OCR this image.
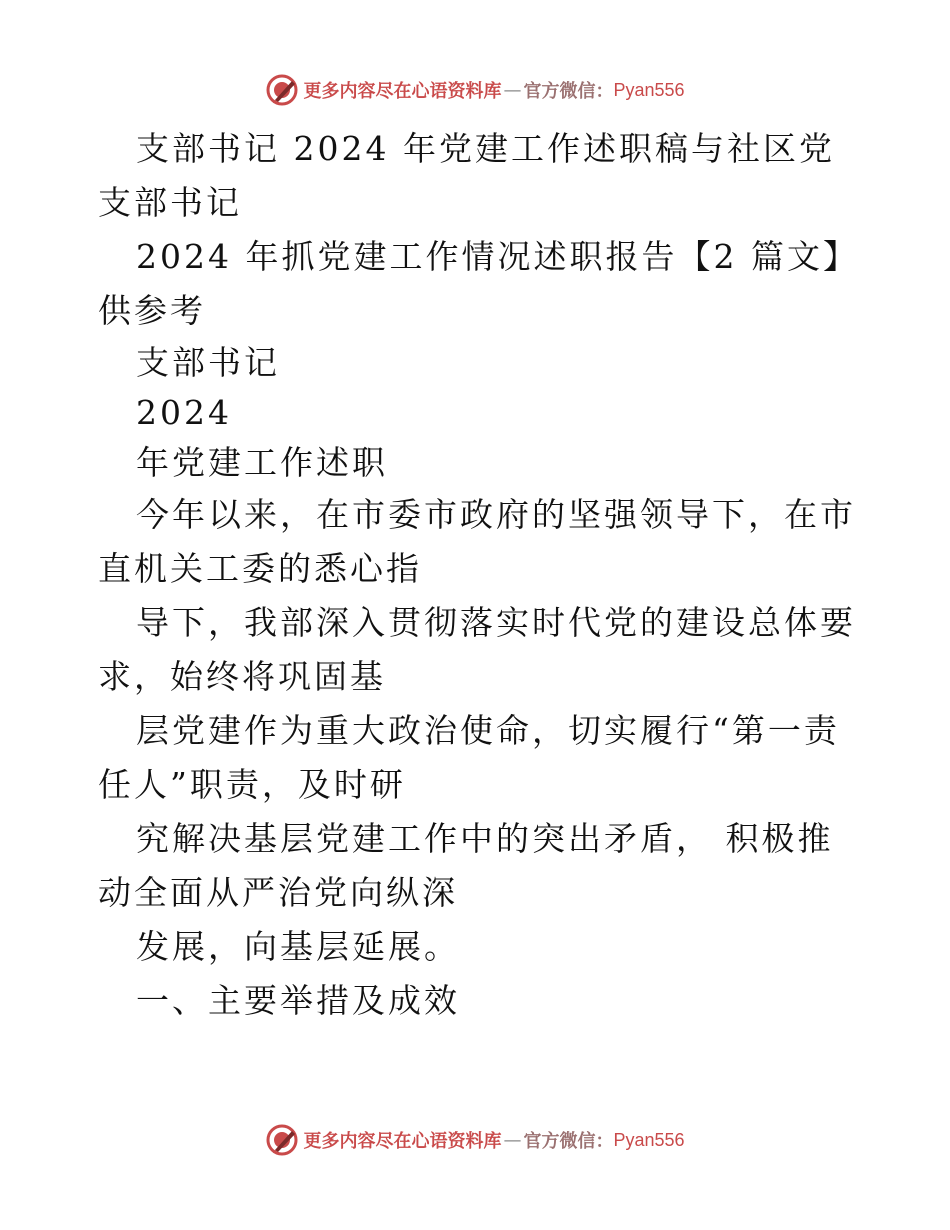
更多内容尽在心语资料库 — 官方微信： Pyan556

支部书记 2024 年党建工作述职稿与社区党支部书记

2024 年抓党建工作情况述职报告【2 篇文】供参考

支部书记

2024

年党建工作述职

今年以来，在市委市政府的坚强领导下，在市直机关工委的悉心指

导下，我部深入贯彻落实时代党的建设总体要求，始终将巩固基

层党建作为重大政治使命，切实履行“第一责任人”职责，及时研

究解决基层党建工作中的突出矛盾， 积极推动全面从严治党向纵深

发展，向基层延展。

一、主要举措及成效

更多内容尽在心语资料库 — 官方微信： Pyan556
